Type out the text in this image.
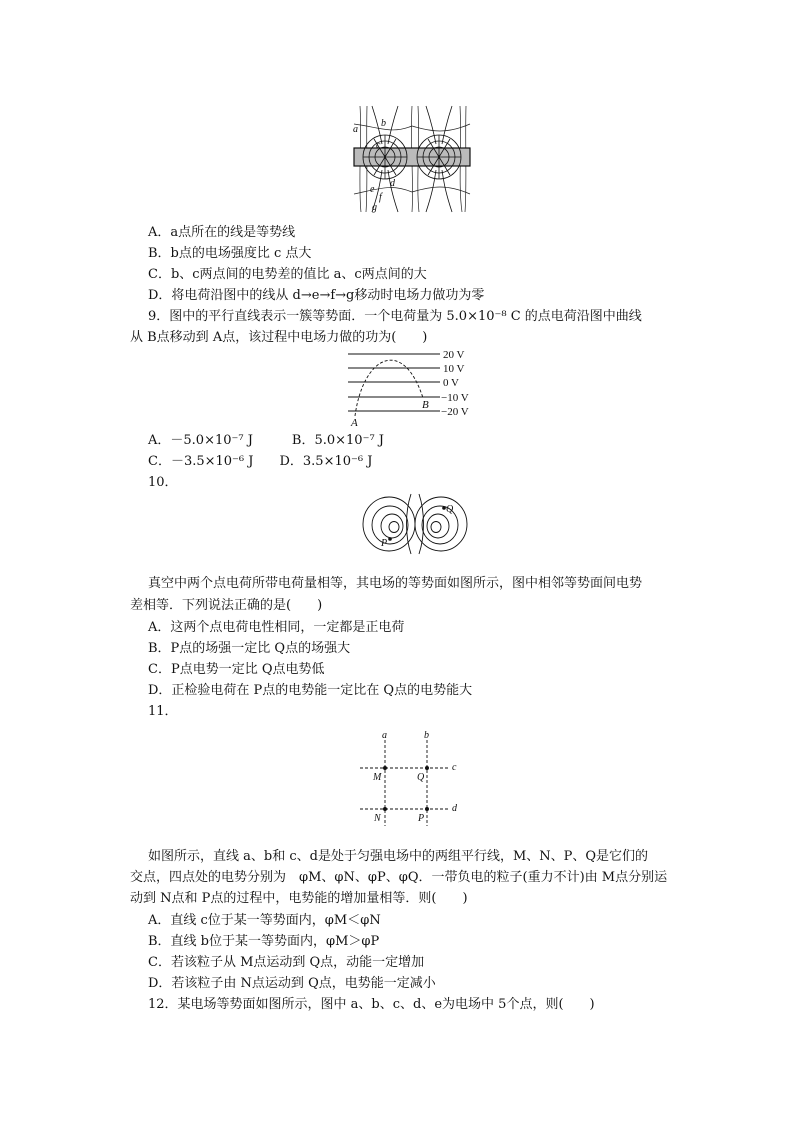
a
b
c
d
e
f
g
A．a点所在的线是等势线
B．b点的电场强度比 c 点大
C．b、c两点间的电势差的值比 a、c两点间的大
D．将电荷沿图中的线从 d→e→f→g移动时电场力做功为零
9．图中的平行直线表示一簇等势面．一个电荷量为 5.0×10⁻⁸ C 的点电荷沿图中曲线
从 B点移动到 A点，该过程中电场力做的功为(　　)
20 V
10 V
0 V
−10 V
−20 V
A
B
A．－5.0×10⁻⁷ J　　　B．5.0×10⁻⁷ J
C．－3.5×10⁻⁶ J　　D．3.5×10⁻⁶ J
10．
P
Q
真空中两个点电荷所带电荷量相等，其电场的等势面如图所示，图中相邻等势面间电势
差相等．下列说法正确的是(　　)
A．这两个点电荷电性相同，一定都是正电荷
B．P点的场强一定比 Q点的场强大
C．P点电势一定比 Q点电势低
D．正检验电荷在 P点的电势能一定比在 Q点的电势能大
11．
a	b
c
d
M	Q
N	P
如图所示，直线 a、b和 c、d是处于匀强电场中的两组平行线，M、N、P、Q是它们的
交点，四点处的电势分别为　φM、φN、φP、φQ．一带负电的粒子(重力不计)由 M点分别运
动到 N点和 P点的过程中，电势能的增加量相等．则(　　)
A．直线 c位于某一等势面内，φM＜φN
B．直线 b位于某一等势面内，φM＞φP
C．若该粒子从 M点运动到 Q点，动能一定增加
D．若该粒子由 N点运动到 Q点，电势能一定减小
12．某电场等势面如图所示，图中 a、b、c、d、e为电场中 5个点，则(　　)
